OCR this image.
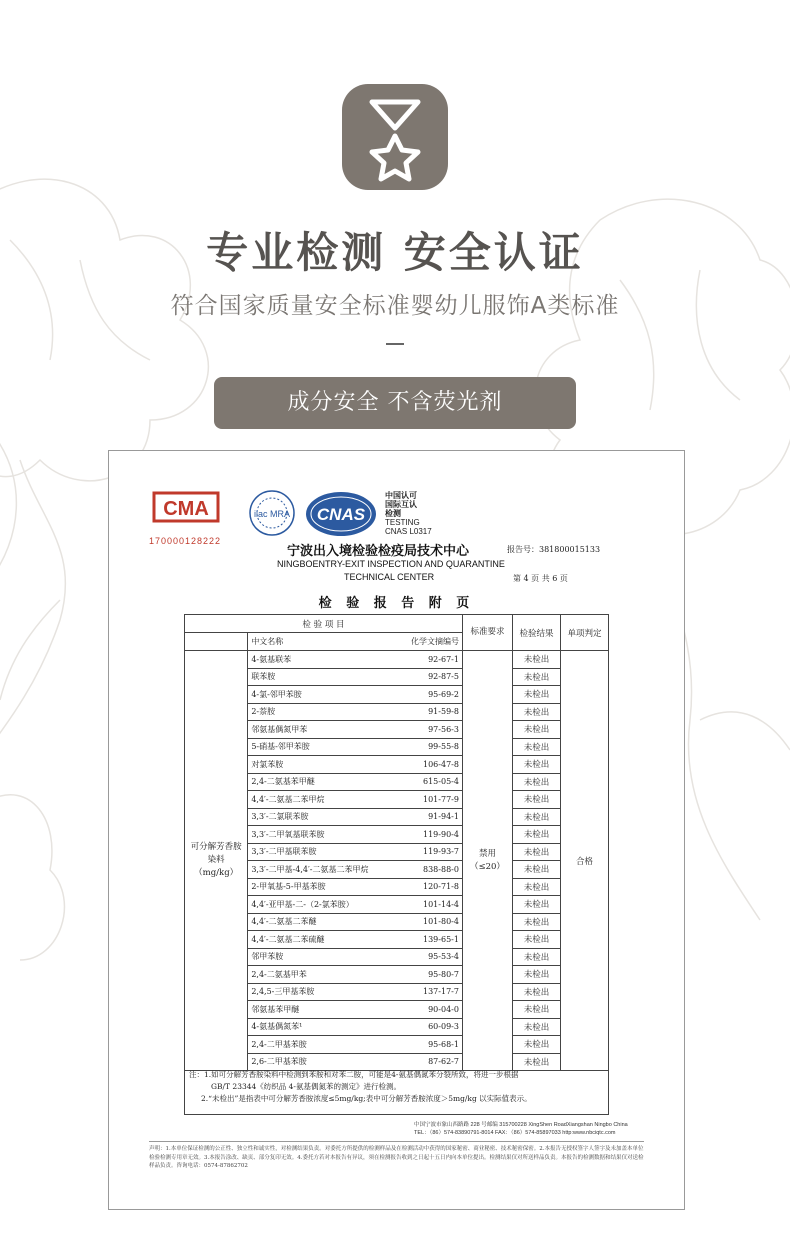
专业检测 安全认证
符合国家质量安全标准婴幼儿服饰A类标准
成分安全 不含荧光剂
CMA
170000128222
ilac MRA CNAS
中国认可
国际互认
检测
TESTING
CNAS L0317
宁波出入境检验检疫局技术中心	报告号：381800015133
NINGBOENTRY-EXIT INSPECTION AND QUARANTINE
TECHNICAL CENTER	第 4 页 共 6 页
检 验 报 告 附 页
检 验 项 目			标准要求	检验结果	单项判定
	中文名称	化学文摘编号			
可分解芳香胺染料（mg/kg）	4-氨基联苯	92-67-1	禁用（≤20）	未检出	合格
	联苯胺	92-87-5		未检出	
	4-氯-邻甲苯胺	95-69-2		未检出	
	2-萘胺	91-59-8		未检出	
	邻氨基偶氮甲苯	97-56-3		未检出	
	5-硝基-邻甲苯胺	99-55-8		未检出	
	对氯苯胺	106-47-8		未检出	
	2,4-二氨基苯甲醚	615-05-4		未检出	
	4,4′-二氨基二苯甲烷	101-77-9		未检出	
	3,3′-二氯联苯胺	91-94-1		未检出	
	3,3′-二甲氧基联苯胺	119-90-4		未检出	
	3,3′-二甲基联苯胺	119-93-7		未检出	
	3,3′-二甲基-4,4′-二氨基二苯甲烷	838-88-0		未检出	
	2-甲氧基-5-甲基苯胺	120-71-8		未检出	
	4,4′-亚甲基-二-（2-氯苯胺）	101-14-4		未检出	
	4,4′-二氨基二苯醚	101-80-4		未检出	
	4,4′-二氨基二苯硫醚	139-65-1		未检出	
	邻甲苯胺	95-53-4		未检出	
	2,4-二氨基甲苯	95-80-7		未检出	
	2,4,5-三甲基苯胺	137-17-7		未检出	
	邻氨基苯甲醚	90-04-0		未检出	
	4-氨基偶氮苯¹	60-09-3		未检出	
	2,4-二甲基苯胺	95-68-1		未检出	
	2,6-二甲基苯胺	87-62-7		未检出	
注：1.如可分解芳香胺染料中检测到苯胺和对苯二胺，可能是4-氨基偶氮苯分裂所致，将进一步根据
GB/T 23344《纺织品 4-氨基偶氮苯的测定》进行检测。
2.“未检出”是指表中可分解芳香胺浓度≤5mg/kg;表中可分解芳香胺浓度＞5mg/kg 以实际值表示。
中国宁波市象山西路路 228 号邮编 315700228 XingShen RoadXiangshan Ningbo China
TEL：（86）574-83890791-8014 FAX：（86）574-85897033 http:www.nbciqtc.com
声明：1.本单位保证检测的公正性、独立性和诚实性，对检测结果负责。对委托方所提供的检测样品及在检测活动中获得的国家秘密、商业秘密、技术秘密保密。2.本报告无授权签字人签字及未加盖本单位检验检测专用章无效。3.本报告涂改、缺页、部分复印无效。4.委托方若对本报告有异议，须在检测报告收到之日起十五日内向本单位提出。检测结果仅对所送样品负责。本报告的检测数据和结果仅对送检样品负责。咨询电话：0574-87862702
